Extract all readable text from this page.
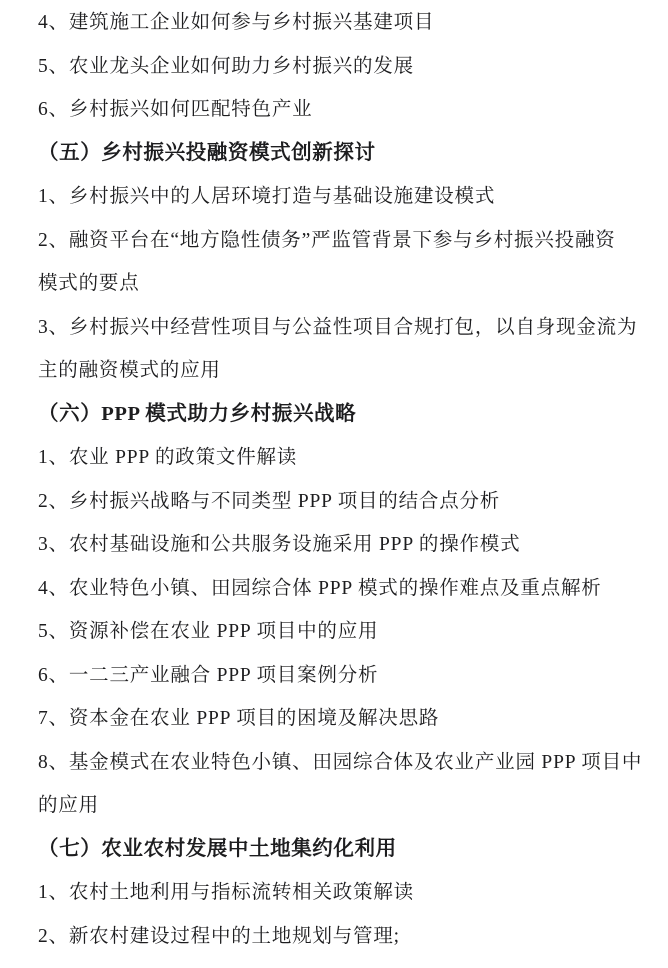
4、建筑施工企业如何参与乡村振兴基建项目
5、农业龙头企业如何助力乡村振兴的发展
6、乡村振兴如何匹配特色产业
（五）乡村振兴投融资模式创新探讨
1、乡村振兴中的人居环境打造与基础设施建设模式
2、融资平台在“地方隐性债务”严监管背景下参与乡村振兴投融资
模式的要点
3、乡村振兴中经营性项目与公益性项目合规打包，以自身现金流为
主的融资模式的应用
（六）PPP 模式助力乡村振兴战略
1、农业 PPP 的政策文件解读
2、乡村振兴战略与不同类型 PPP 项目的结合点分析
3、农村基础设施和公共服务设施采用 PPP 的操作模式
4、农业特色小镇、田园综合体 PPP 模式的操作难点及重点解析
5、资源补偿在农业 PPP 项目中的应用
6、一二三产业融合 PPP 项目案例分析
7、资本金在农业 PPP 项目的困境及解决思路
8、基金模式在农业特色小镇、田园综合体及农业产业园 PPP 项目中
的应用
（七）农业农村发展中土地集约化利用
1、农村土地利用与指标流转相关政策解读
2、新农村建设过程中的土地规划与管理;
